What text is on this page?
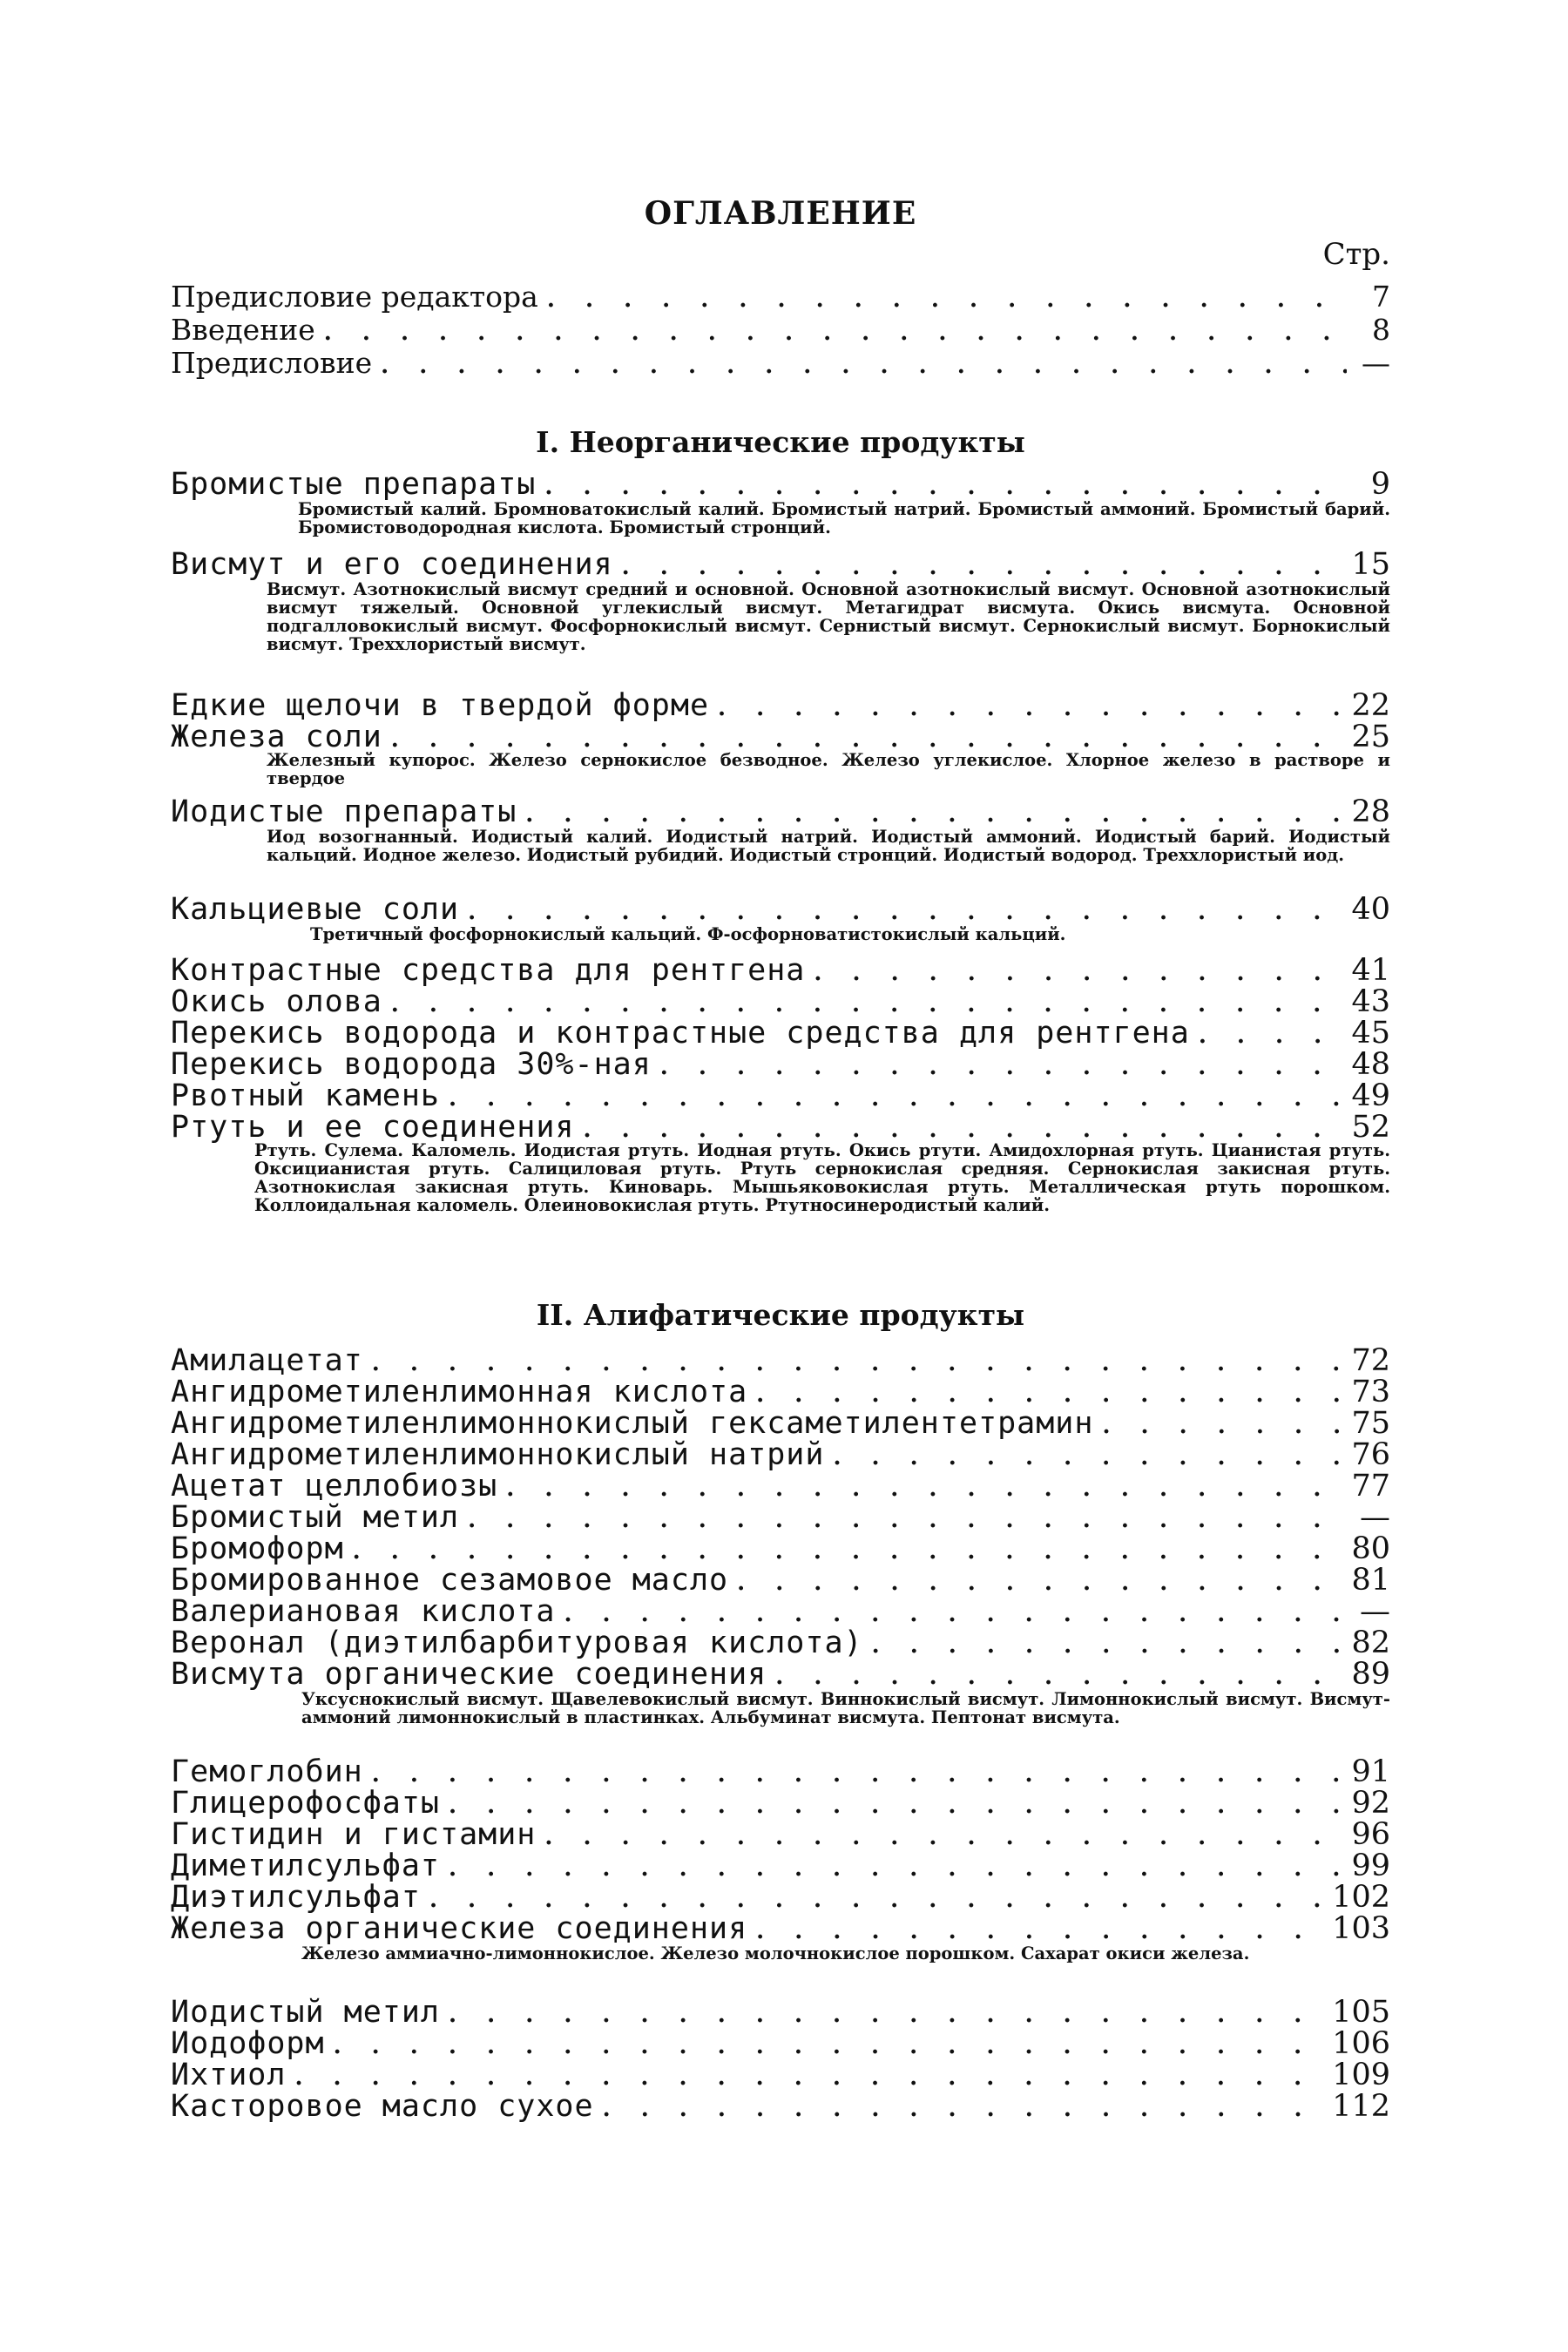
ОГЛАВЛЕНИЕ
Стр.
Предисловие редактора . . .	7
Введение . . .	8
Предисловие . . .	—
I. Неорганические продукты
Бромистые препараты . . .	9
Бромистый калий. Бромноватокислый калий. Бромистый натрий. Бромистый аммоний. Бромистый барий. Бромистоводородная кислота. Бромистый стронций.
Висмут и его соединения . . .	15
Висмут. Азотнокислый висмут средний и основной. Основной азотнокислый висмут. Основной азотнокислый висмут тяжелый. Основной углекислый висмут. Метагидрат висмута. Окись висмута. Основной подгалловокислый висмут. Фосфорнокислый висмут. Сернистый висмут. Сернокислый висмут. Борнокислый висмут. Треххлористый висмут.
Едкие щелочи в твердой форме . . .	22
Железа соли . . .	25
Железный купорос. Железо сернокислое безводное. Железо углекислое. Хлорное железо в растворе и твердое
Иодистые препараты . . .	28
Иод возогнанный. Иодистый калий. Иодистый натрий. Иодистый аммоний. Иодистый барий. Иодистый кальций. Иодное железо. Иодистый рубидий. Иодистый стронций. Иодистый водород. Треххлористый иод.
Кальциевые соли . . .	40
Третичный фосфорнокислый кальций. Ф-осфорноватистокислый кальций.
Контрастные средства для рентгена . . .	41
Окись олова . . .	43
Перекись водорода и контрастные средства для рентгена . . .	45
Перекись водорода 30%-ная . . .	48
Рвотный камень . . .	49
Ртуть и ее соединения . . .	52
Ртуть. Сулема. Каломель. Иодистая ртуть. Иодная ртуть. Окись ртути. Амидохлорная ртуть. Цианистая ртуть. Оксицианистая ртуть. Салициловая ртуть. Ртуть сернокислая средняя. Сернокислая закисная ртуть. Азотнокислая закисная ртуть. Киноварь. Мышьяковокислая ртуть. Металлическая ртуть порошком. Коллоидальная каломель. Олеиновокислая ртуть. Ртутносинеродистый калий.
II. Алифатические продукты
Амилацетат . . .	72
Ангидрометиленлимонная кислота . . .	73
Ангидрометиленлимоннокислый гексаметилентетрамин . . .	75
Ангидрометиленлимоннокислый натрий . . .	76
Ацетат целлобиозы . . .	77
Бромистый метил . . .	—
Бромоформ . . .	80
Бромированное сезамовое масло . . .	81
Валериановая кислота . . .	—
Веронал (диэтилбарбитуровая кислота) . . .	82
Висмута органические соединения . . .	89
Уксуснокислый висмут. Щавелевокислый висмут. Виннокислый висмут. Лимоннокислый висмут. Висмут-аммоний лимоннокислый в пластинках. Альбуминат висмута. Пептонат висмута.
Гемоглобин . . .	91
Глицерофосфаты . . .	92
Гистидин и гистамин . . .	96
Диметилсульфат . . .	99
Диэтилсульфат . . .	102
Железа органические соединения . . .	103
Железо аммиачно-лимоннокислое. Железо молочнокислое порошком. Сахарат окиси железа.
Иодистый метил . . .	105
Иодоформ . . .	106
Ихтиол . . .	109
Касторовое масло сухое . . .	112
